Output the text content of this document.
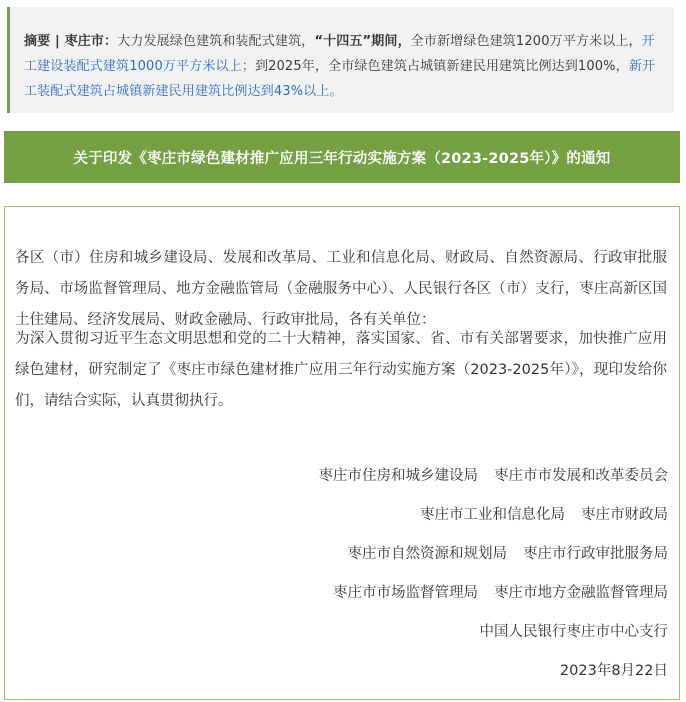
摘要 | 枣庄市：大力发展绿色建筑和装配式建筑，“十四五”期间，全市新增绿色建筑1200万平方米以上，开工建设装配式建筑1000万平方米以上；到2025年，全市绿色建筑占城镇新建民用建筑比例达到100%，新开工装配式建筑占城镇新建民用建筑比例达到43%以上。
关于印发《枣庄市绿色建材推广应用三年行动实施方案（2023-2025年）》的通知
各区（市）住房和城乡建设局、发展和改革局、工业和信息化局、财政局、自然资源局、行政审批服务局、市场监督管理局、地方金融监管局（金融服务中心）、人民银行各区（市）支行，枣庄高新区国土住建局、经济发展局、财政金融局、行政审批局，各有关单位：
为深入贯彻习近平生态文明思想和党的二十大精神，落实国家、省、市有关部署要求，加快推广应用绿色建材，研究制定了《枣庄市绿色建材推广应用三年行动实施方案（2023-2025年）》，现印发给你们，请结合实际，认真贯彻执行。
枣庄市住房和城乡建设局 枣庄市市发展和改革委员会
枣庄市工业和信息化局 枣庄市财政局
枣庄市自然资源和规划局 枣庄市行政审批服务局
枣庄市市场监督管理局 枣庄市地方金融监督管理局
中国人民银行枣庄市中心支行
2023年8月22日
